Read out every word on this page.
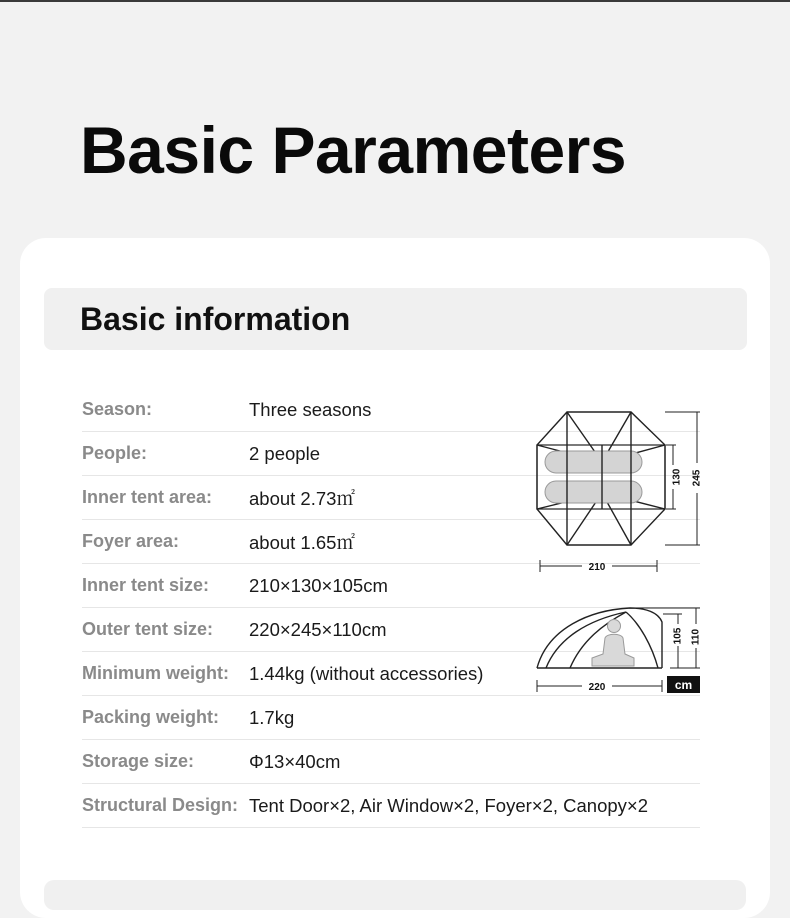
Basic Parameters
Basic information
Season:	Three seasons
People:	2 people
Inner tent area:	about 2.73㎡
Foyer area:	about 1.65㎡
Inner tent size:	210×130×105cm
Outer tent size:	220×245×110cm
Minimum weight:	1.44kg (without accessories)
Packing weight:	1.7kg
Storage size:	Φ13×40cm
Structural Design: Tent Door×2, Air Window×2, Foyer×2, Canopy×2
130 245
210
105 110
220	cm
